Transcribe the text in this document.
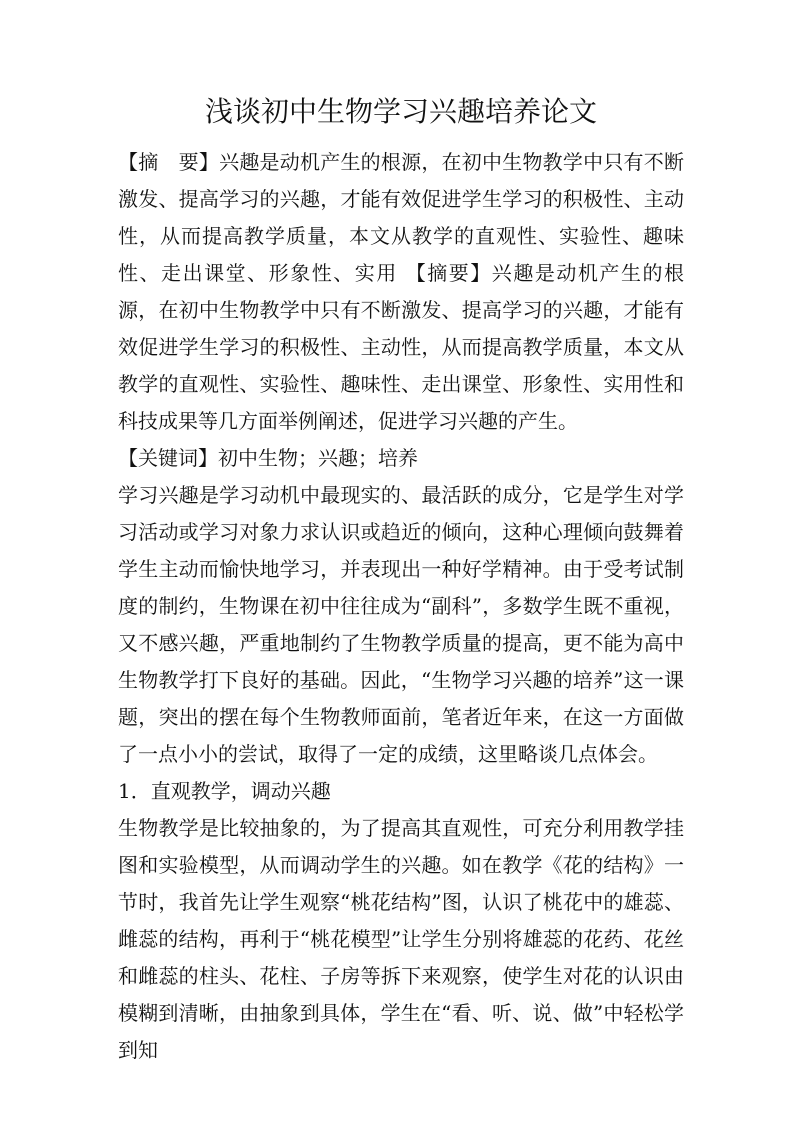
浅谈初中生物学习兴趣培养论文

【摘　要】兴趣是动机产生的根源，在初中生物教学中只有不断激发、提高学习的兴趣，才能有效促进学生学习的积极性、主动性，从而提高教学质量，本文从教学的直观性、实验性、趣味性、走出课堂、形象性、实用 【摘要】兴趣是动机产生的根源，在初中生物教学中只有不断激发、提高学习的兴趣，才能有效促进学生学习的积极性、主动性，从而提高教学质量，本文从教学的直观性、实验性、趣味性、走出课堂、形象性、实用性和科技成果等几方面举例阐述，促进学习兴趣的产生。

【关键词】初中生物；兴趣；培养

学习兴趣是学习动机中最现实的、最活跃的成分，它是学生对学习活动或学习对象力求认识或趋近的倾向，这种心理倾向鼓舞着学生主动而愉快地学习，并表现出一种好学精神。由于受考试制度的制约，生物课在初中往往成为“副科”，多数学生既不重视，又不感兴趣，严重地制约了生物教学质量的提高，更不能为高中生物教学打下良好的基础。因此，“生物学习兴趣的培养”这一课题，突出的摆在每个生物教师面前，笔者近年来，在这一方面做了一点小小的尝试，取得了一定的成绩，这里略谈几点体会。

1．直观教学，调动兴趣

生物教学是比较抽象的，为了提高其直观性，可充分利用教学挂图和实验模型，从而调动学生的兴趣。如在教学《花的结构》一节时，我首先让学生观察“桃花结构”图，认识了桃花中的雄蕊、雌蕊的结构，再利于“桃花模型”让学生分别将雄蕊的花药、花丝和雌蕊的柱头、花柱、子房等拆下来观察，使学生对花的认识由模糊到清晰，由抽象到具体，学生在“看、听、说、做”中轻松学到知
